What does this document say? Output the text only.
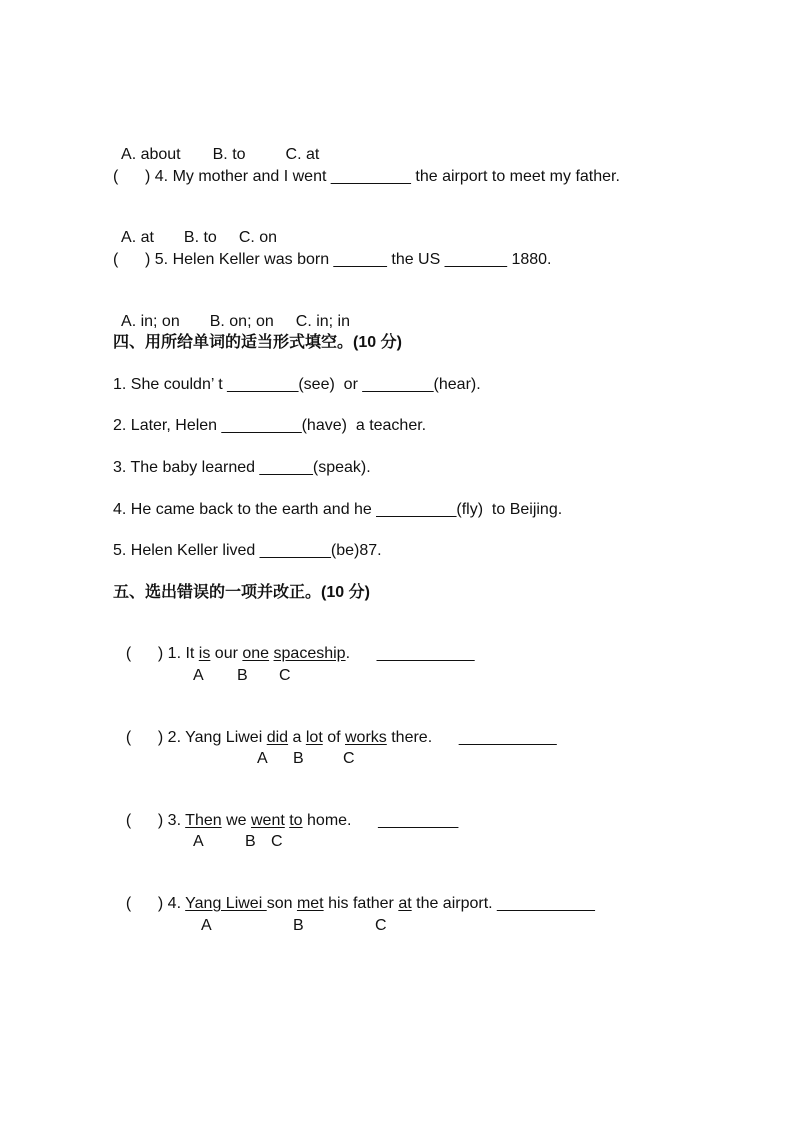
A. about B. to	C. at

(      ) 4. My mother and I went _________ the airport to meet my father.

A. at B. to C. on

(      ) 5. Helen Keller was born ______ the US _______ 1880.

A. in; on B. on; on C. in; in

四、用所给单词的适当形式填空。(10 分)
1. She couldn’ t ________(see)  or ________(hear).
2. Later, Helen _________(have)  a teacher.
3. The baby learned ______(speak).
4. He came back to the earth and he _________(fly)  to Beijing.
5. Helen Keller lived ________(be)87.
五、选出错误的一项并改正。(10 分)

(      ) 1. It is our one spaceship.      ___________

A B C

(      ) 2. Yang Liwei did a lot of works there.      ___________

A B C

(      ) 3. Then we went to home.      _________

A	B C

(      ) 4. Yang Liwei son met his father at the airport. ___________

A	B	C
